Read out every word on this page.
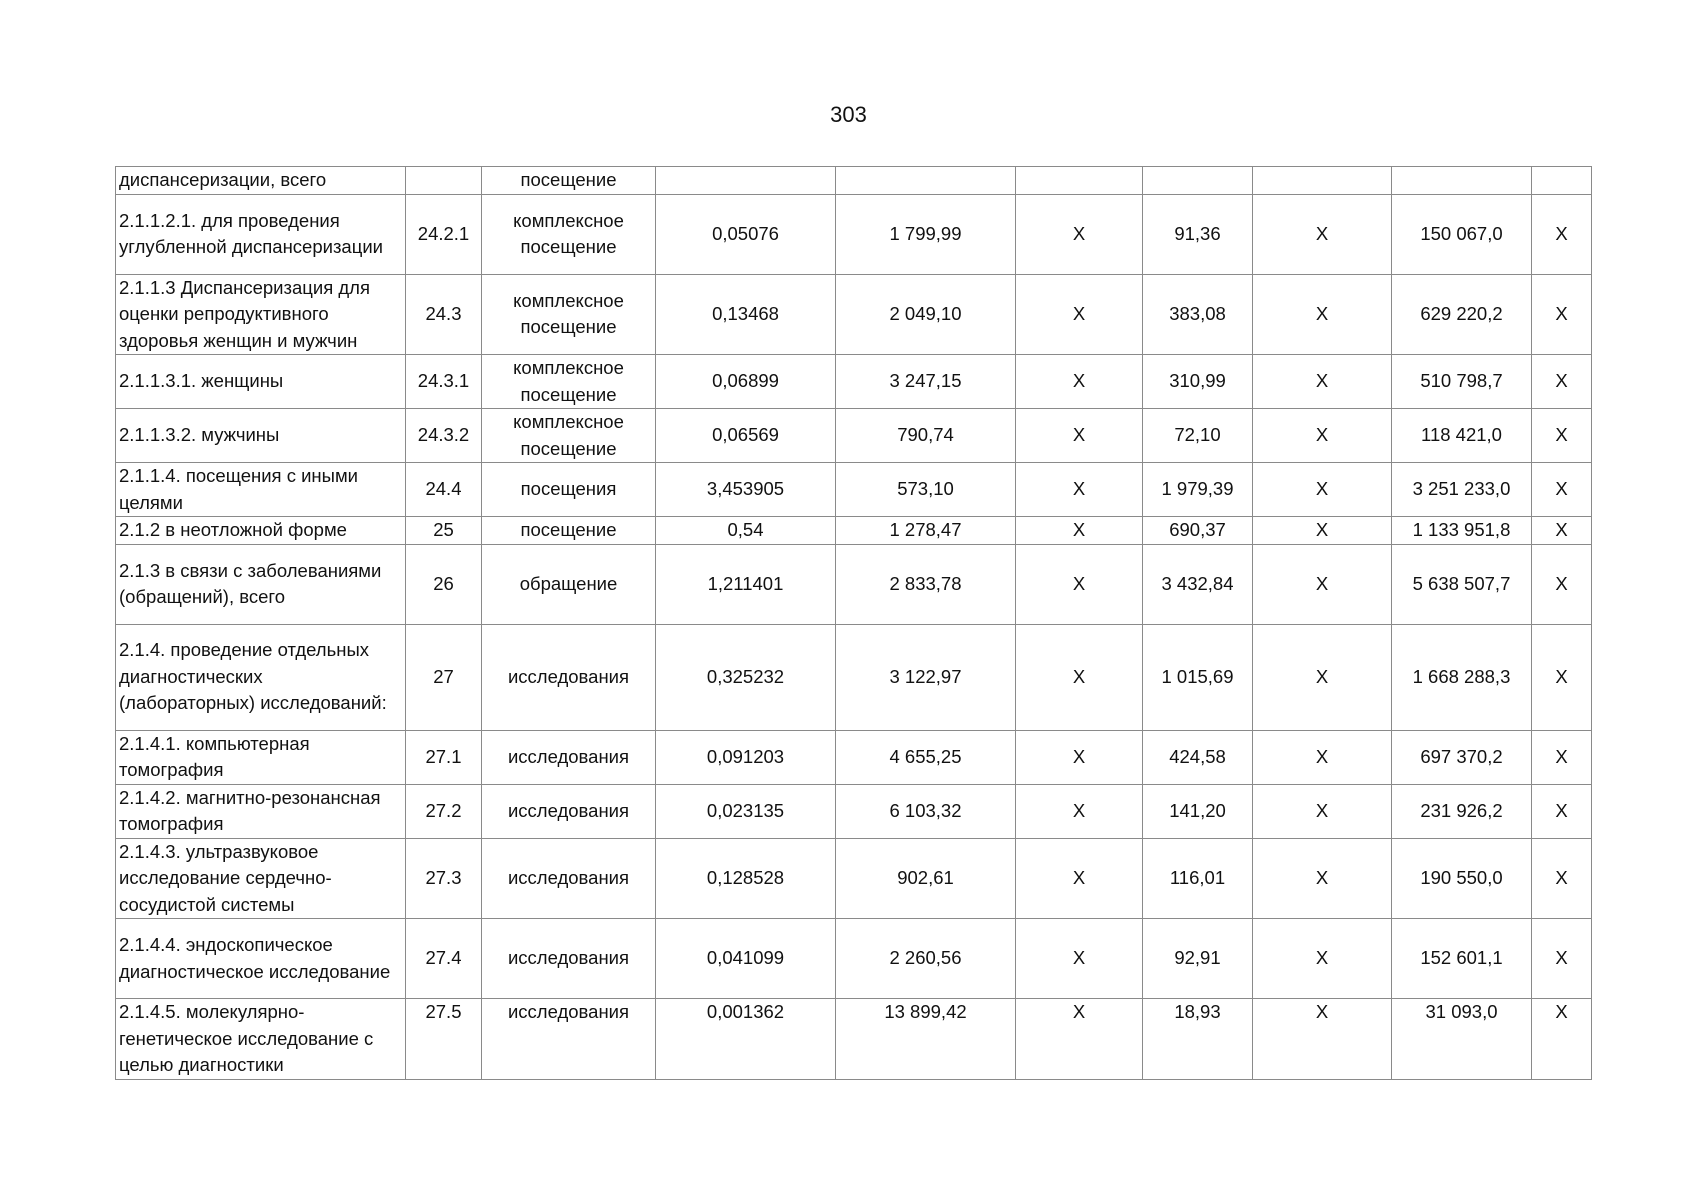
303
диспансеризации, всего		посещение							
2.1.1.2.1. для проведения углубленной диспансеризации	24.2.1	комплексное посещение	0,05076	1 799,99	X	91,36	X	150 067,0	X
2.1.1.3 Диспансеризация для оценки репродуктивного здоровья женщин и мужчин	24.3	комплексное посещение	0,13468	2 049,10	X	383,08	X	629 220,2	X
2.1.1.3.1. женщины	24.3.1	комплексное посещение	0,06899	3 247,15	X	310,99	X	510 798,7	X
2.1.1.3.2. мужчины	24.3.2	комплексное посещение	0,06569	790,74	X	72,10	X	118 421,0	X
2.1.1.4. посещения с иными целями	24.4	посещения	3,453905	573,10	X	1 979,39	X	3 251 233,0	X
2.1.2 в неотложной форме	25	посещение	0,54	1 278,47	X	690,37	X	1 133 951,8	X
2.1.3 в связи с заболеваниями (обращений), всего	26	обращение	1,211401	2 833,78	X	3 432,84	X	5 638 507,7	X
2.1.4. проведение отдельных диагностических (лабораторных) исследований:	27	исследования	0,325232	3 122,97	X	1 015,69	X	1 668 288,3	X
2.1.4.1. компьютерная томография	27.1	исследования	0,091203	4 655,25	X	424,58	X	697 370,2	X
2.1.4.2. магнитно-резонансная томография	27.2	исследования	0,023135	6 103,32	X	141,20	X	231 926,2	X
2.1.4.3. ультразвуковое исследование сердечно-сосудистой системы	27.3	исследования	0,128528	902,61	X	116,01	X	190 550,0	X
2.1.4.4. эндоскопическое диагностическое исследование	27.4	исследования	0,041099	2 260,56	X	92,91	X	152 601,1	X
2.1.4.5. молекулярно-генетическое исследование с целью диагностики	27.5	исследования	0,001362	13 899,42	X	18,93	X	31 093,0	X
